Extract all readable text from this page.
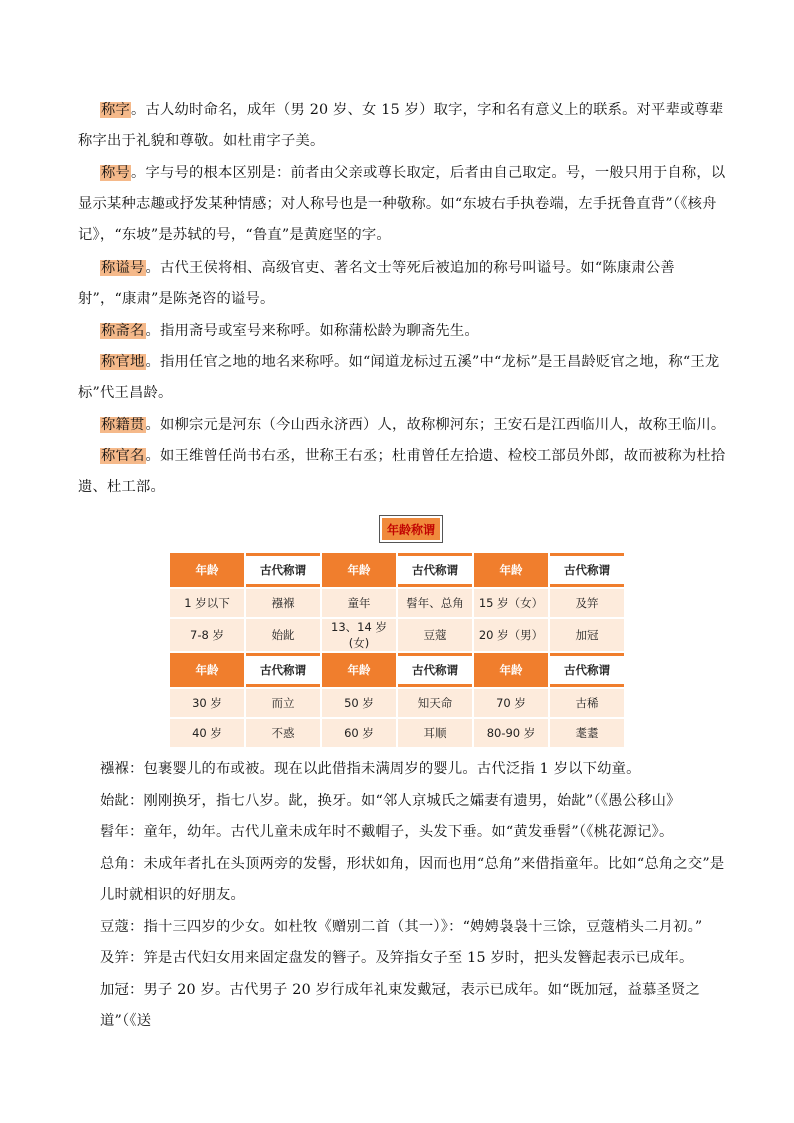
称字。古人幼时命名，成年（男 20 岁、女 15 岁）取字，字和名有意义上的联系。对平辈或尊辈称字出于礼貌和尊敬。如杜甫字子美。

称号。字与号的根本区别是：前者由父亲或尊长取定，后者由自己取定。号，一般只用于自称，以显示某种志趣或抒发某种情感；对人称号也是一种敬称。如“东坡右手执卷端，左手抚鲁直背”（《核舟记》，“东坡”是苏轼的号，“鲁直”是黄庭坚的字。

称谥号。古代王侯将相、高级官吏、著名文士等死后被追加的称号叫谥号。如“陈康肃公善射”，“康肃”是陈尧咨的谥号。

称斋名。指用斋号或室号来称呼。如称蒲松龄为聊斋先生。

称官地。指用任官之地的地名来称呼。如“闻道龙标过五溪”中“龙标”是王昌龄贬官之地，称“王龙标”代王昌龄。

称籍贯。如柳宗元是河东（今山西永济西）人，故称柳河东；王安石是江西临川人，故称王临川。

称官名。如王维曾任尚书右丞，世称王右丞；杜甫曾任左拾遗、检校工部员外郎，故而被称为杜拾遗、杜工部。

年龄称谓
年龄	古代称谓	年龄	古代称谓	年龄	古代称谓
1 岁以下	襁褓	童年	髫年、总角	15 岁（女）	及笄
7-8 岁	始龀	13、14 岁(女)	豆蔻	20 岁（男）	加冠
年龄	古代称谓	年龄	古代称谓	年龄	古代称谓
30 岁	而立	50 岁	知天命	70 岁	古稀
40 岁	不惑	60 岁	耳顺	80-90 岁	耄耋

襁褓：包裹婴儿的布或被。现在以此借指未满周岁的婴儿。古代泛指 1 岁以下幼童。

始龀：刚刚换牙，指七八岁。龀，换牙。如“邻人京城氏之孀妻有遗男，始龀”（《愚公移山》

髫年：童年，幼年。古代儿童未成年时不戴帽子，头发下垂。如“黄发垂髫”（《桃花源记》。

总角：未成年者扎在头顶两旁的发髻，形状如角，因而也用“总角”来借指童年。比如“总角之交”是儿时就相识的好朋友。

豆蔻：指十三四岁的少女。如杜牧《赠别二首（其一）》：“娉娉袅袅十三馀，豆蔻梢头二月初。”

及笄：笄是古代妇女用来固定盘发的簪子。及笄指女子至 15 岁时，把头发簪起表示已成年。

加冠：男子 20 岁。古代男子 20 岁行成年礼束发戴冠，表示已成年。如“既加冠，益慕圣贤之道”（《送
